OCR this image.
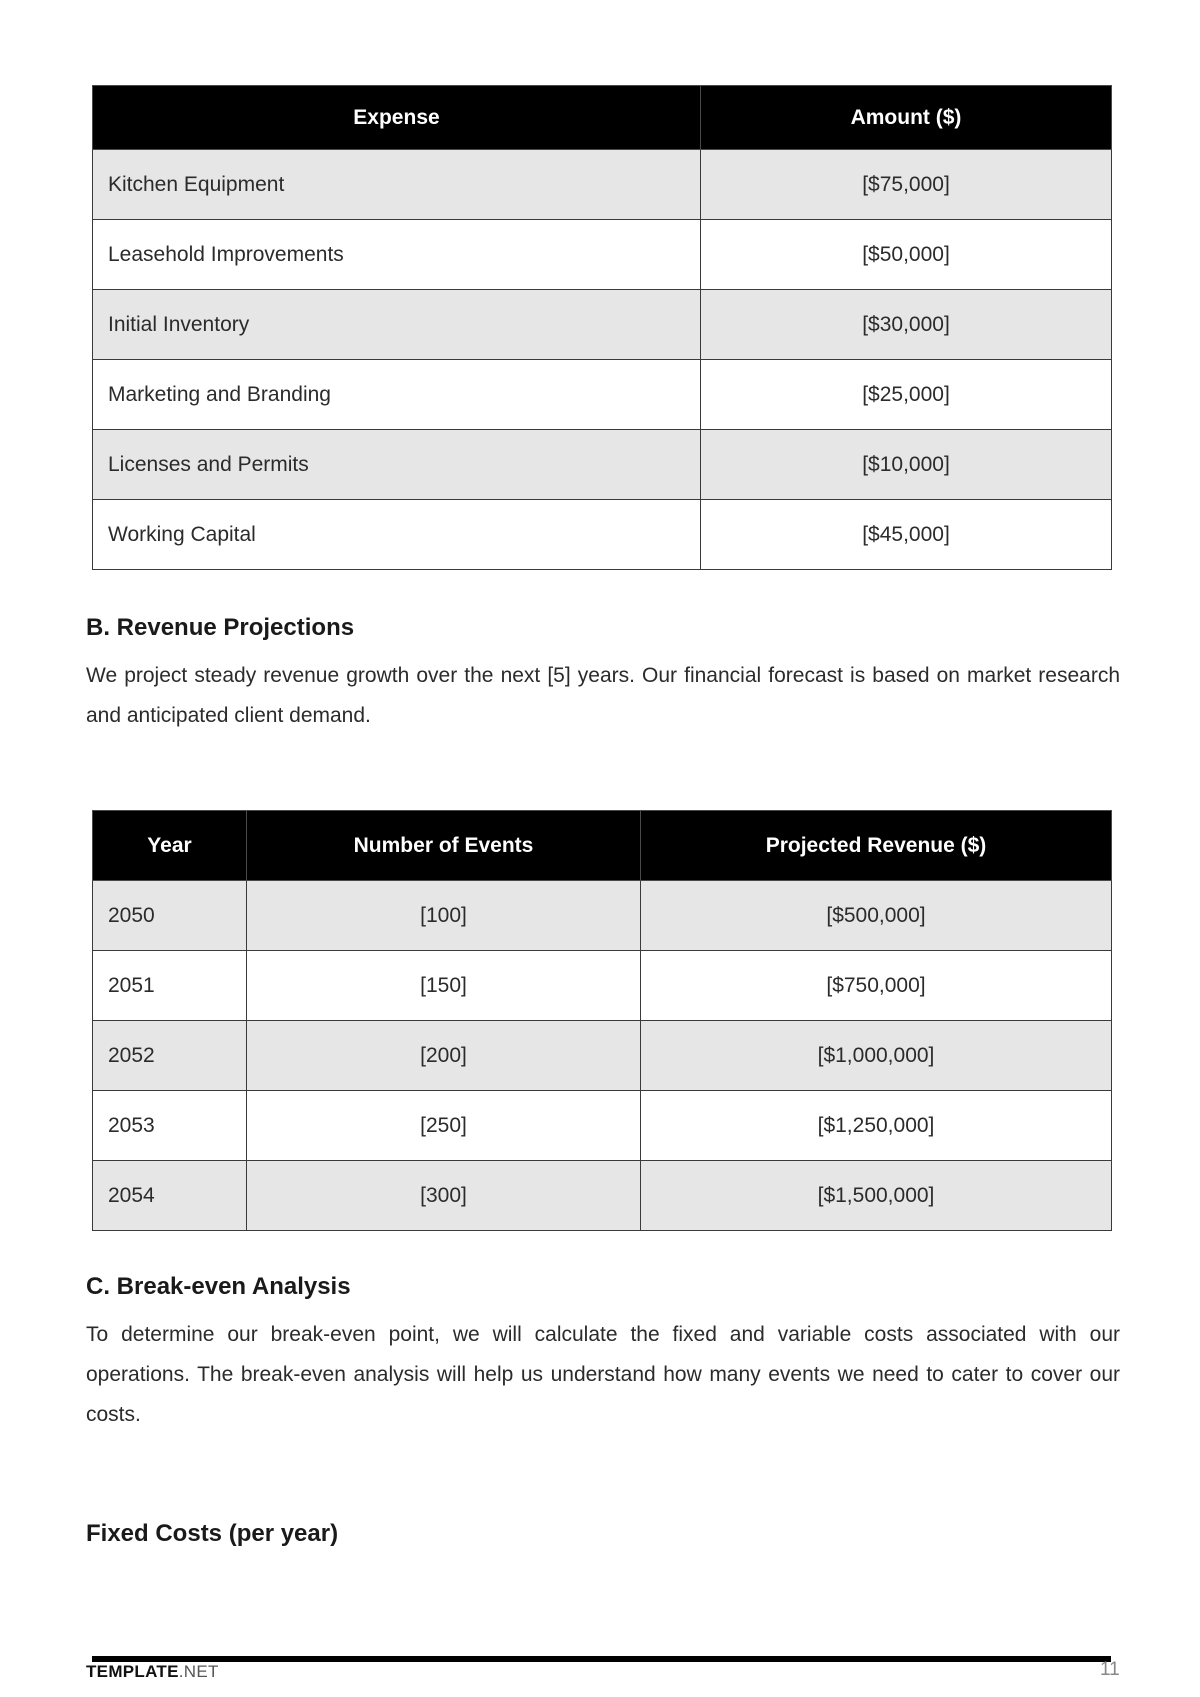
Expense	Amount ($)
Kitchen Equipment	[$75,000]
Leasehold Improvements	[$50,000]
Initial Inventory	[$30,000]
Marketing and Branding	[$25,000]
Licenses and Permits	[$10,000]
Working Capital	[$45,000]
B. Revenue Projections

We project steady revenue growth over the next [5] years. Our financial forecast is based on market research and anticipated client demand.

Year	Number of Events	Projected Revenue ($)
2050	[100]	[$500,000]
2051	[150]	[$750,000]
2052	[200]	[$1,000,000]
2053	[250]	[$1,250,000]
2054	[300]	[$1,500,000]
C. Break-even Analysis

To determine our break-even point, we will calculate the fixed and variable costs associated with our operations. The break-even analysis will help us understand how many events we need to cater to cover our costs.

Fixed Costs (per year)
TEMPLATE.NET	11
